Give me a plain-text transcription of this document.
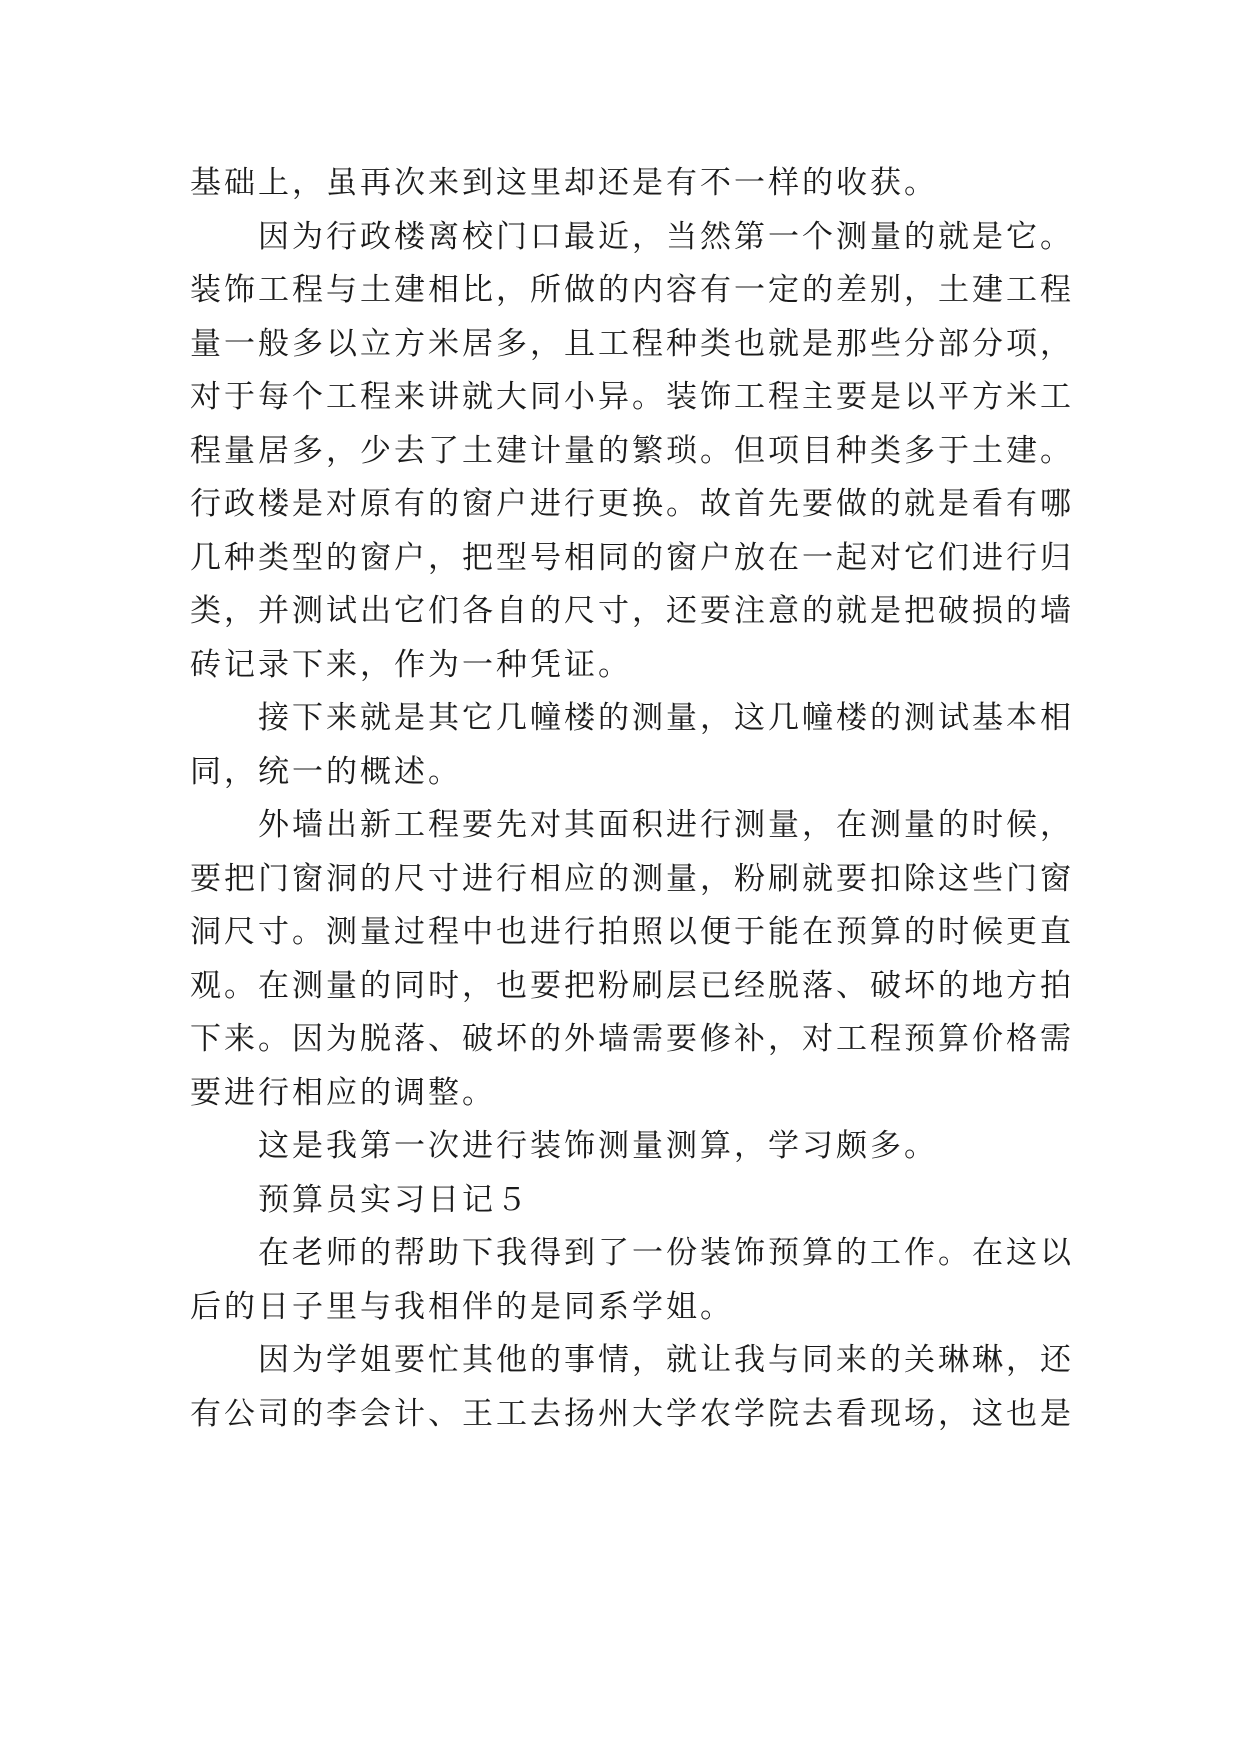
基础上，虽再次来到这里却还是有不一样的收获。
因为行政楼离校门口最近，当然第一个测量的就是它。
装饰工程与土建相比，所做的内容有一定的差别，土建工程
量一般多以立方米居多，且工程种类也就是那些分部分项，
对于每个工程来讲就大同小异。装饰工程主要是以平方米工
程量居多，少去了土建计量的繁琐。但项目种类多于土建。
行政楼是对原有的窗户进行更换。故首先要做的就是看有哪
几种类型的窗户，把型号相同的窗户放在一起对它们进行归
类，并测试出它们各自的尺寸，还要注意的就是把破损的墙
砖记录下来，作为一种凭证。
接下来就是其它几幢楼的测量，这几幢楼的测试基本相
同，统一的概述。
外墙出新工程要先对其面积进行测量，在测量的时候，
要把门窗洞的尺寸进行相应的测量，粉刷就要扣除这些门窗
洞尺寸。测量过程中也进行拍照以便于能在预算的时候更直
观。在测量的同时，也要把粉刷层已经脱落、破坏的地方拍
下来。因为脱落、破坏的外墙需要修补，对工程预算价格需
要进行相应的调整。
这是我第一次进行装饰测量测算，学习颇多。
预算员实习日记５
在老师的帮助下我得到了一份装饰预算的工作。在这以
后的日子里与我相伴的是同系学姐。
因为学姐要忙其他的事情，就让我与同来的关琳琳，还
有公司的李会计、王工去扬州大学农学院去看现场，这也是
